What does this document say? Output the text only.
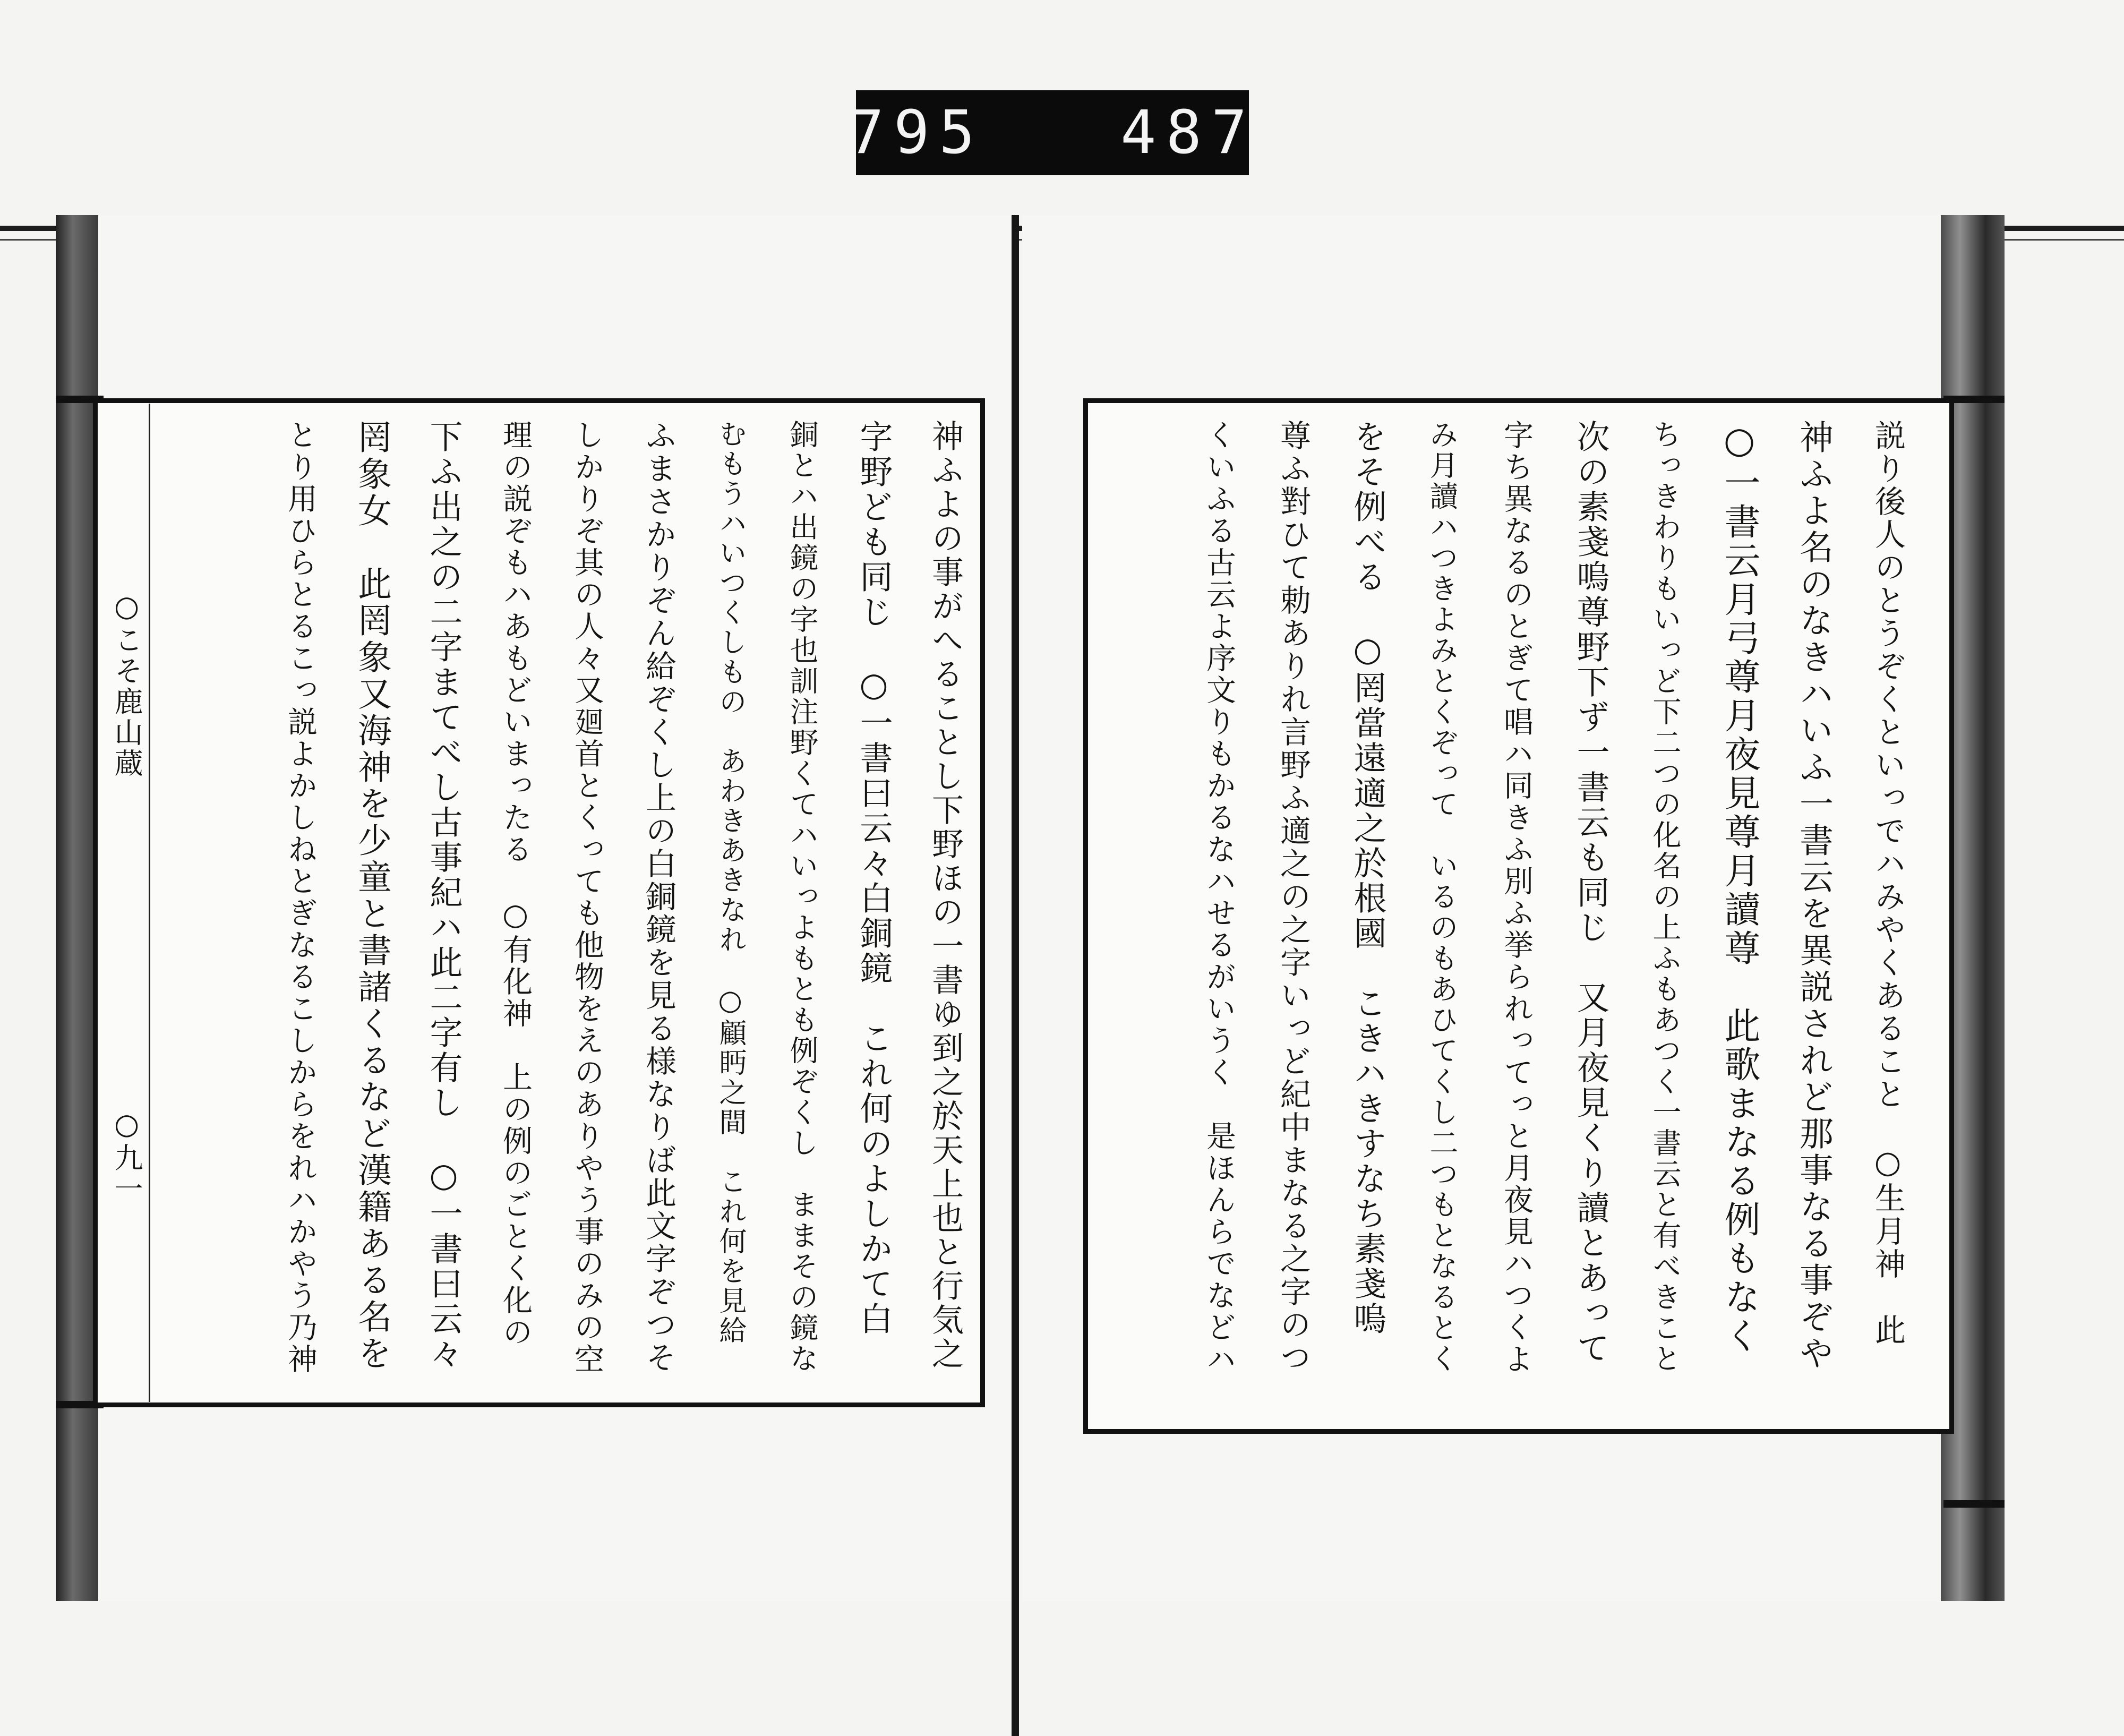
795
487
○こそ鹿山蔵
○九一	神ふよの事がへることし下野ほの一書ゆ到之於天上也と行気之
字野ども同じ　○一書曰云々白銅鏡　これ何のよしかて白
銅とハ出鏡の字也訓注野くてハいっよもとも例ぞくし　ままその鏡な
むもうハいつくしもの　あわきあきなれ　○顧眄之間　これ何を見給
ふまさかりぞん給ぞくし上の白銅鏡を見る様なりば此文字ぞつそ
しかりぞ其の人々又廻首とくっても他物をえのありやう事のみの空
理の説ぞもハあもどいまったる　○有化神　上の例のごとく化の
下ふ出之の二字まてべし古事紀ハ此二字有し　○一書曰云々
罔象女　此罔象又海神を少童と書諸くるなど漢籍ある名を
とり用ひらとるこっ説よかしねとぎなるこしからをれハかやう乃神	説り後人のとうぞくといっでハみやくあること　○生月神　此
神ふよ名のなきハいふ一書云を異説されど那事なる事ぞや
○一書云月弓尊月夜見尊月讀尊　此歌まなる例もなく
ちっきわりもいっど下二つの化名の上ふもあつく一書云と有べきこと
次の素戔嗚尊野下ず一書云も同じ　又月夜見くり讀とあって
字ち異なるのとぎて唱ハ同きふ別ふ挙られってっと月夜見ハつくよ
み月讀ハつきよみとくぞって　いるのもあひてくし二つもとなるとく
をそ例べる　○罔當遠適之於根國　こきハきすなち素戔嗚
尊ふ對ひて勅ありれ言野ふ適之の之字いっど紀中まなる之字のつ
くいふる古云よ序文りもかるなハせるがいうく　是ほんらでなどハ
